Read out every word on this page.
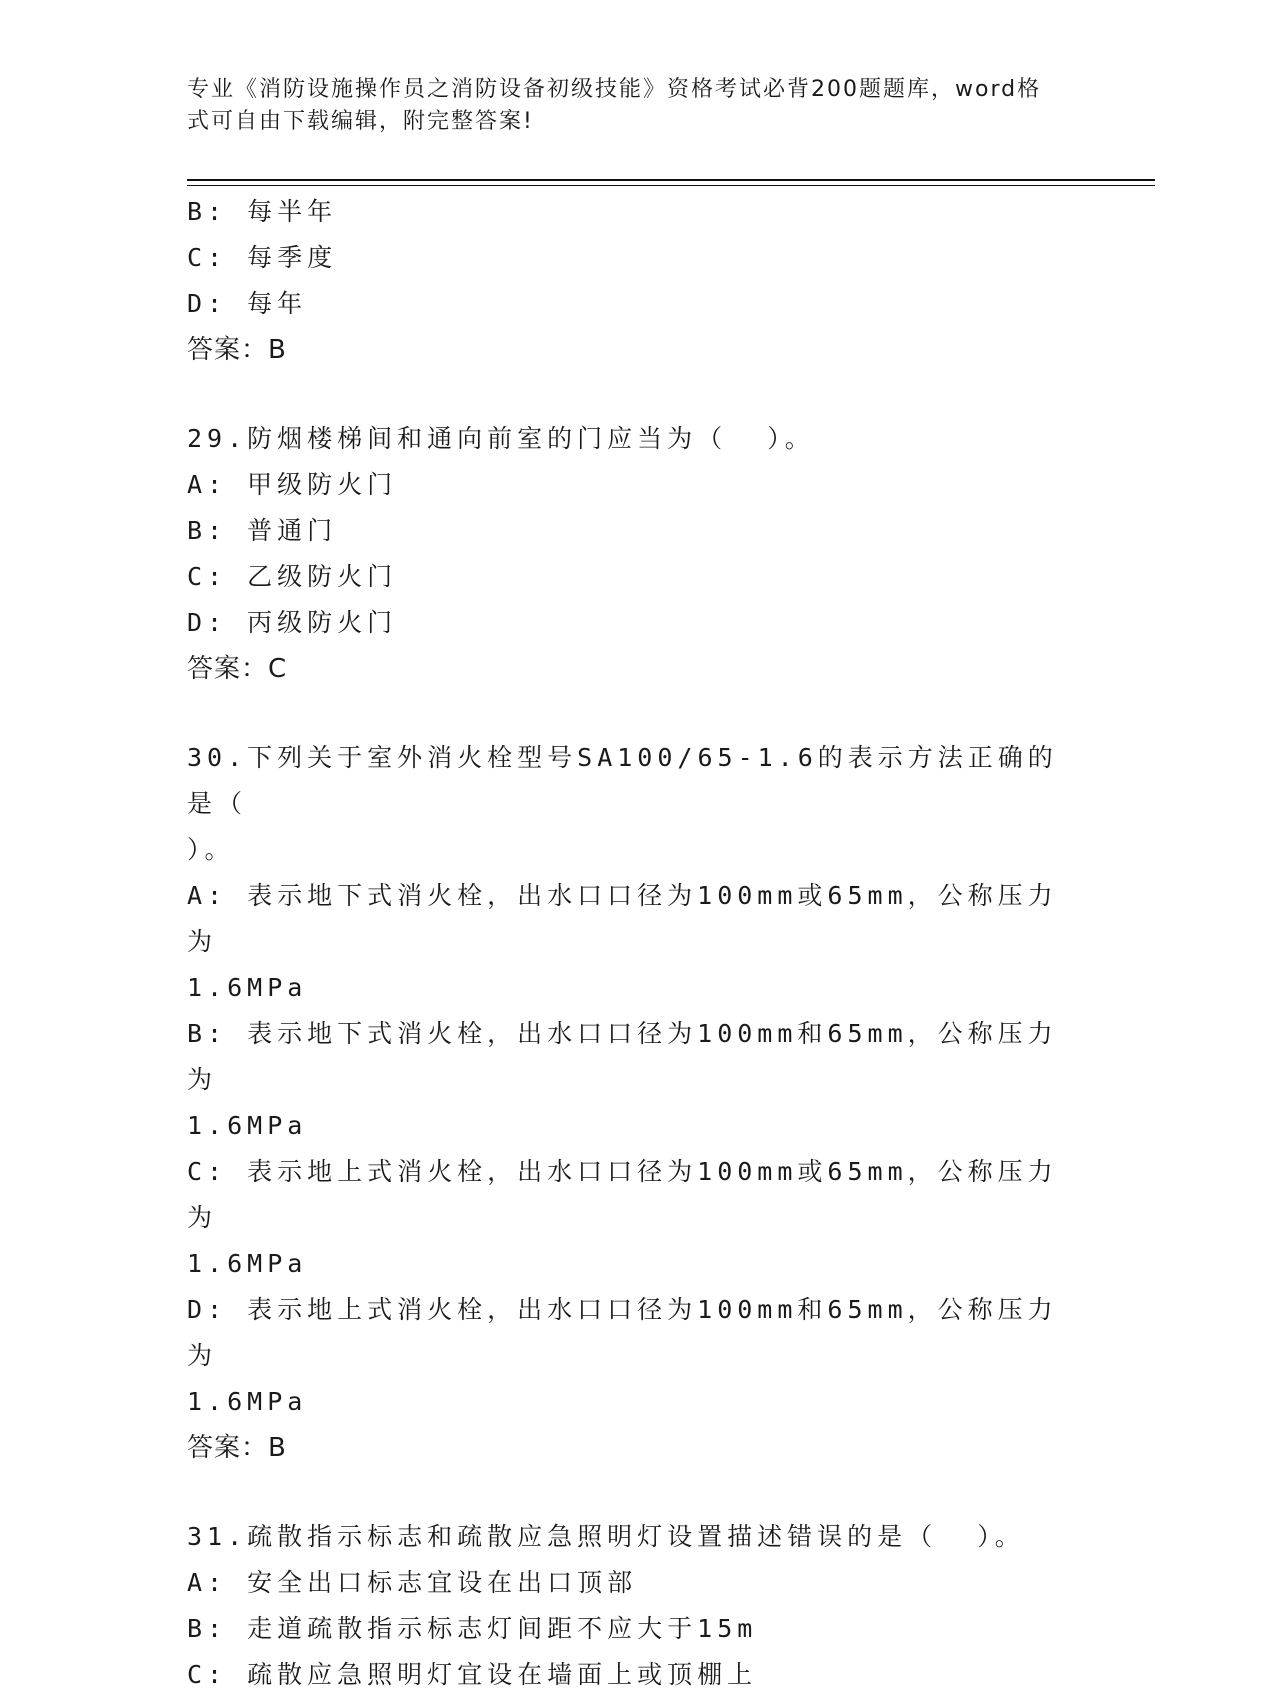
专业《消防设施操作员之消防设备初级技能》资格考试必背200题题库，word格
式可自由下载编辑，附完整答案!
B: 每半年
C: 每季度
D: 每年
答案：B
29.防烟楼梯间和通向前室的门应当为（  ）。
A: 甲级防火门
B: 普通门
C: 乙级防火门
D: 丙级防火门
答案：C
30.下列关于室外消火栓型号SA100/65-1.6的表示方法正确的是（
）。
A: 表示地下式消火栓，出水口口径为100mm或65mm，公称压力为
1.6MPa
B: 表示地下式消火栓，出水口口径为100mm和65mm，公称压力为
1.6MPa
C: 表示地上式消火栓，出水口口径为100mm或65mm，公称压力为
1.6MPa
D: 表示地上式消火栓，出水口口径为100mm和65mm，公称压力为
1.6MPa
答案：B
31.疏散指示标志和疏散应急照明灯设置描述错误的是（  ）。
A: 安全出口标志宜设在出口顶部
B: 走道疏散指示标志灯间距不应大于15m
C: 疏散应急照明灯宜设在墙面上或顶棚上
